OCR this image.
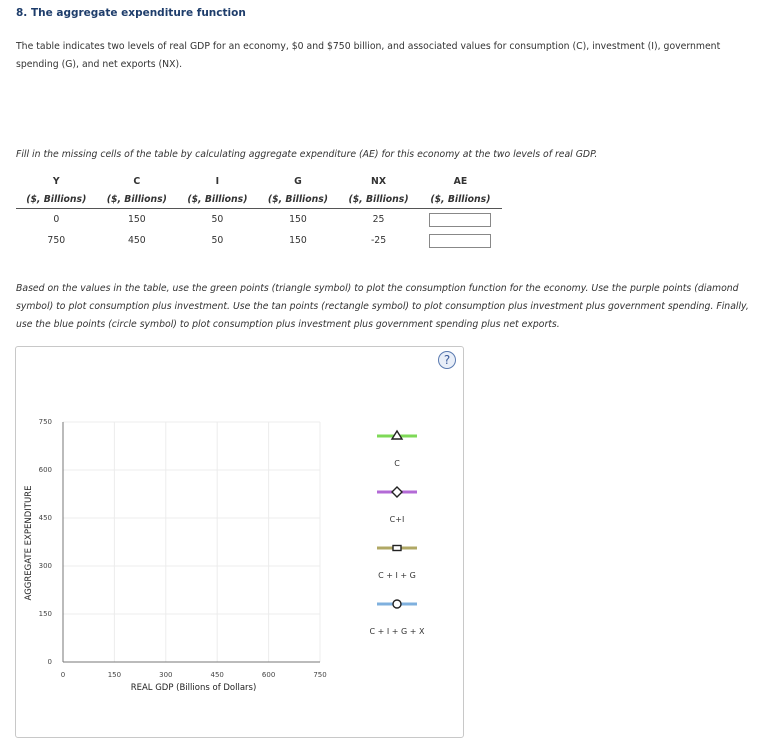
8. The aggregate expenditure function
The table indicates two levels of real GDP for an economy, $0 and $750 billion, and associated values for consumption (C), investment (I), government spending (G), and net exports (NX).
Fill in the missing cells of the table by calculating aggregate expenditure (AE) for this economy at the two levels of real GDP.
Y	C	I	G	NX	AE
($, Billions)	($, Billions)	($, Billions)	($, Billions)	($, Billions)	($, Billions)
0	150	50	150	25	
750	450	50	150	-25	
Based on the values in the table, use the green points (triangle symbol) to plot the consumption function for the economy. Use the purple points (diamond symbol) to plot consumption plus investment. Use the tan points (rectangle symbol) to plot consumption plus investment plus government spending. Finally, use the blue points (circle symbol) to plot consumption plus investment plus government spending plus net exports.
?
0	150	300	450	600	750
0
150
300
450
600
750
REAL GDP (Billions of Dollars)
AGGREGATE EXPENDITURE
C
C+I
C + I + G
C + I + G + X
